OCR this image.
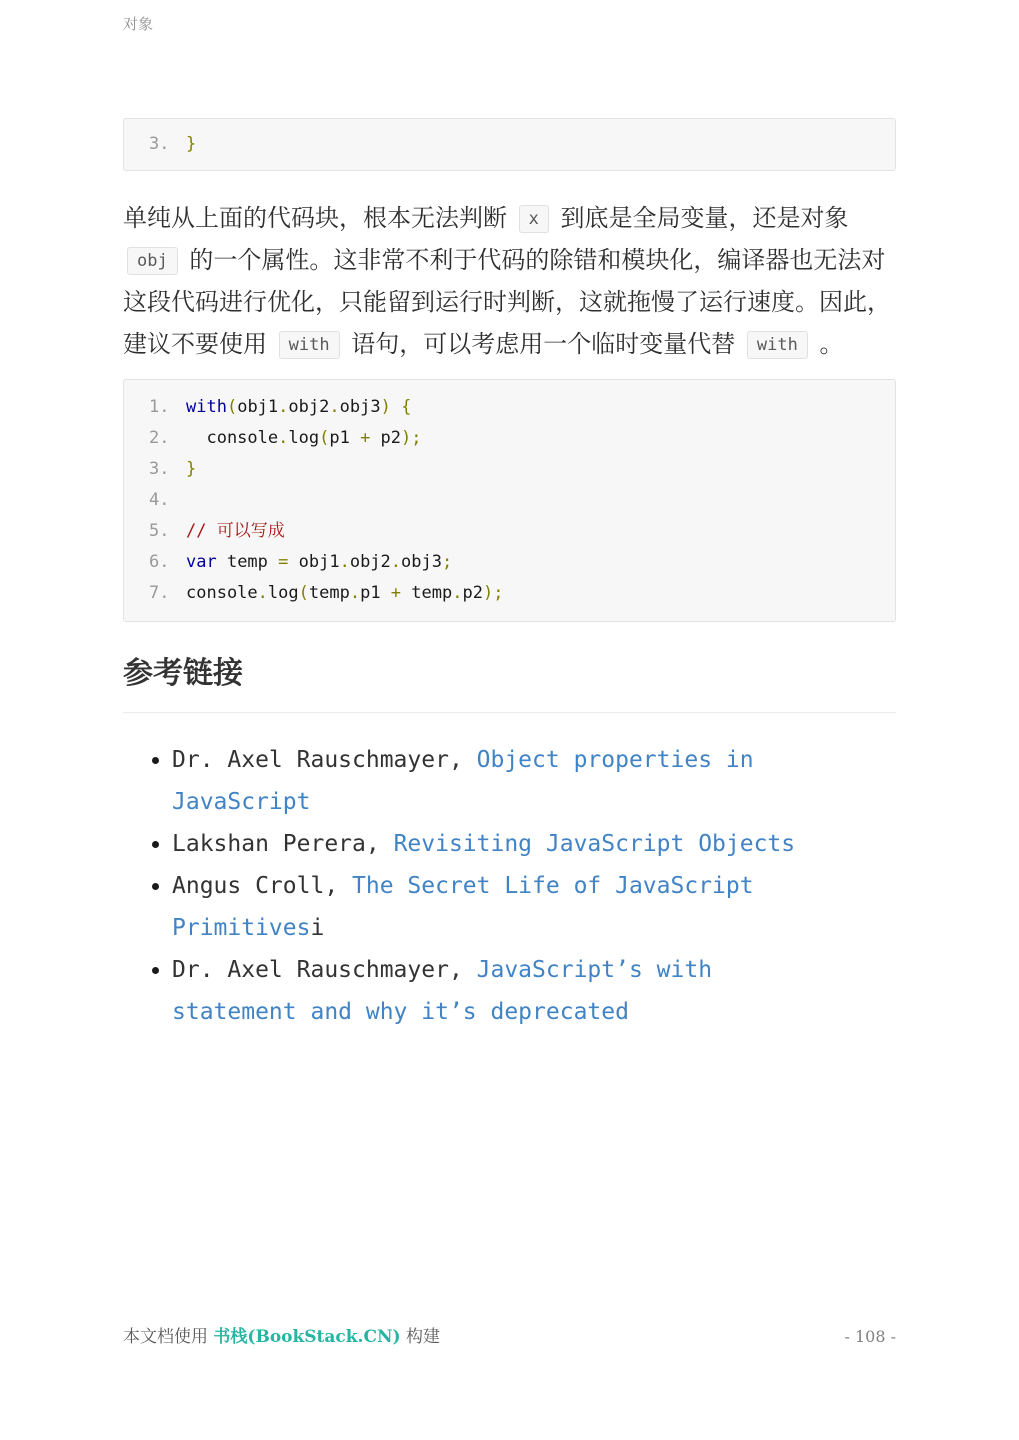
对象
3. }

单纯从上面的代码块，根本无法判断 x 到底是全局变量，还是对象 obj 的一个属性。这非常不利于代码的除错和模块化，编译器也无法对这段代码进行优化，只能留到运行时判断，这就拖慢了运行速度。因此，建议不要使用 with 语句，可以考虑用一个临时变量代替 with 。

1. with(obj1.obj2.obj3) {
2.  console.log(p1 + p2);
3. }
4.
5. // 可以写成
6. var temp = obj1.obj2.obj3;
7. console.log(temp.p1 + temp.p2);
参考链接
• Dr. Axel Rauschmayer, Object properties in JavaScript
• Lakshan Perera, Revisiting JavaScript Objects
• Angus Croll, The Secret Life of JavaScript Primitivesi
• Dr. Axel Rauschmayer, JavaScript’s with statement and why it’s deprecated
本文档使用 书栈(BookStack.CN) 构建	- 108 -
